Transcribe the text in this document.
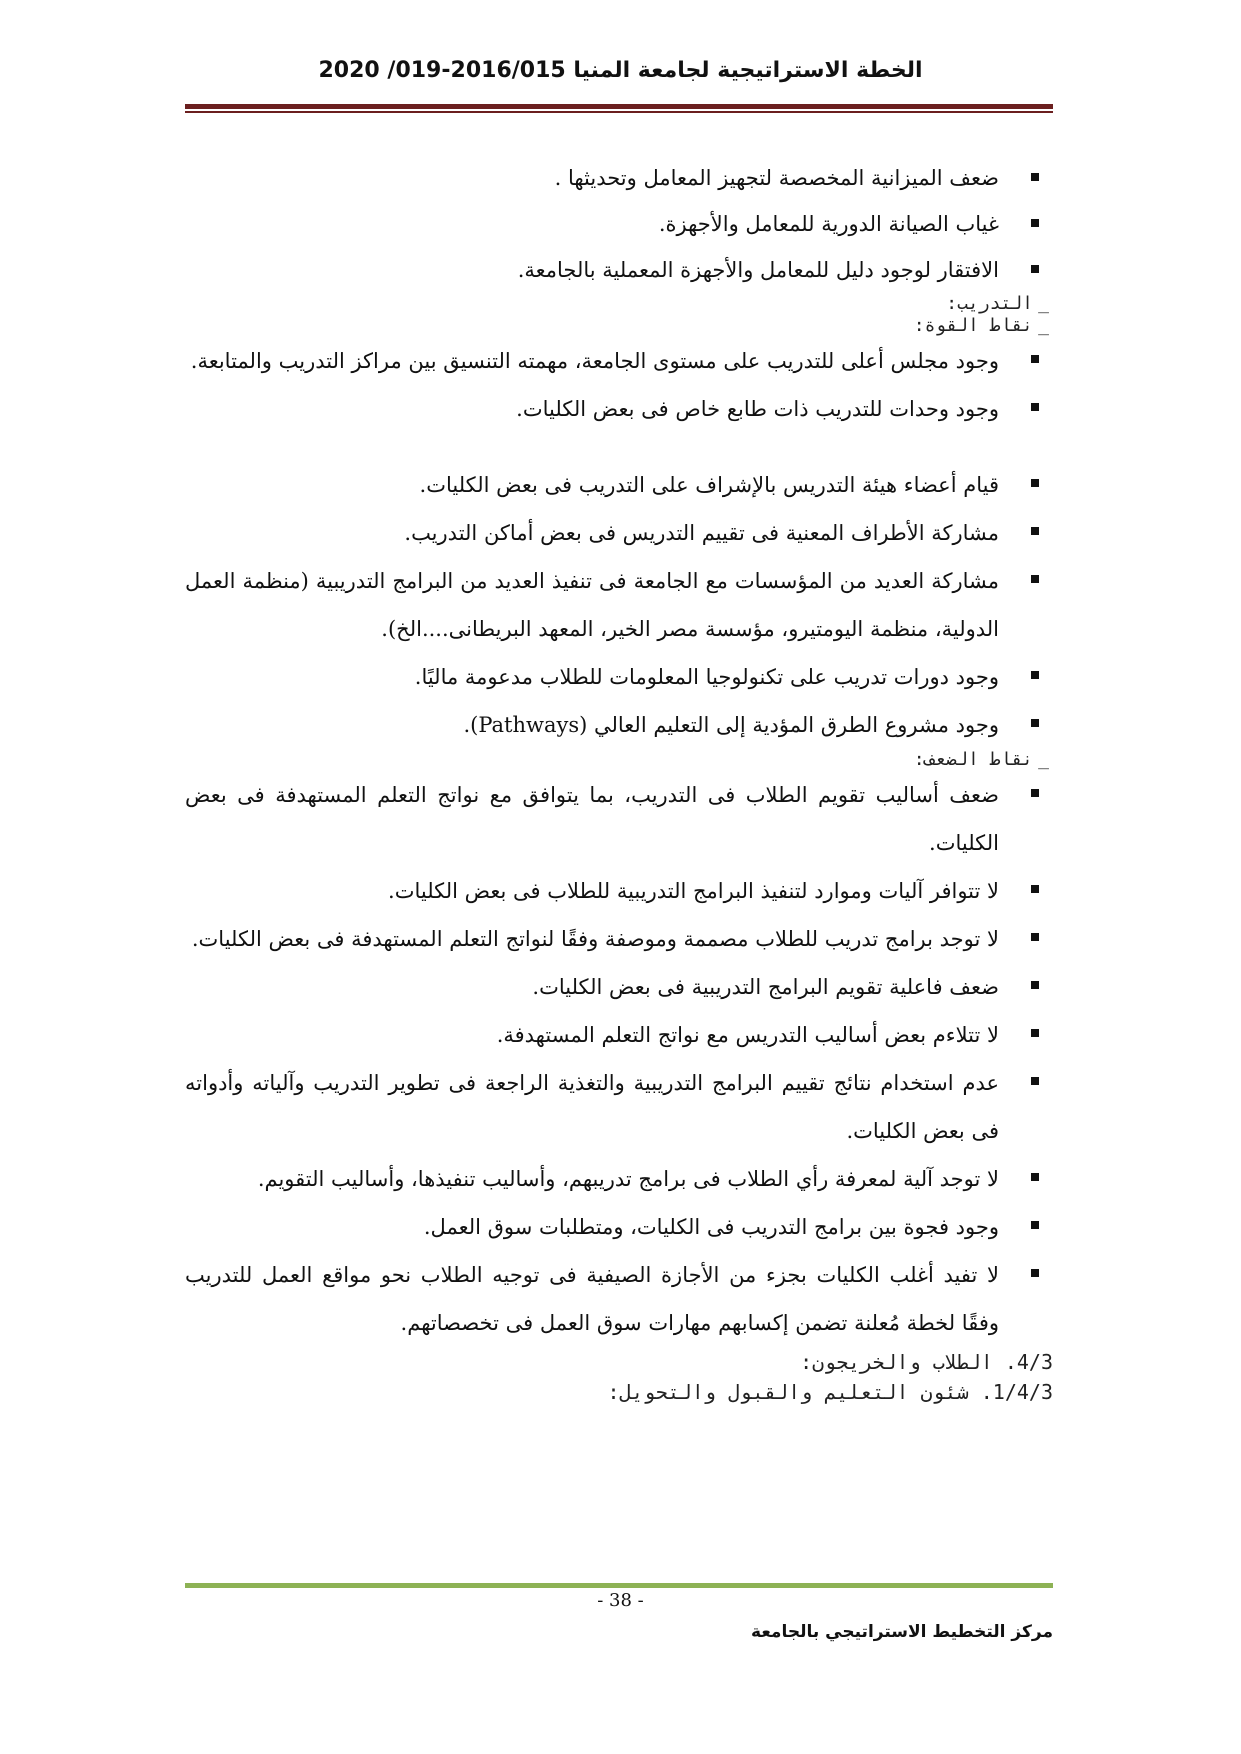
الخطة الاستراتيجية لجامعة المنيا 2016/015-019/ 2020
ضعف الميزانية المخصصة لتجهيز المعامل وتحديثها .
غياب الصيانة الدورية للمعامل والأجهزة.
الافتقار لوجود دليل للمعامل والأجهزة المعملية بالجامعة.
_
التدريب:
_
نقاط القوة:
وجود مجلس أعلى للتدريب على مستوى الجامعة، مهمته التنسيق بين مراكز التدريب والمتابعة.
وجود وحدات للتدريب ذات طابع خاص فى بعض الكليات.
قيام أعضاء هيئة التدريس بالإشراف على التدريب فى بعض الكليات.
مشاركة الأطراف المعنية فى تقييم التدريس فى بعض أماكن التدريب.
مشاركة العديد من المؤسسات مع الجامعة فى تنفيذ العديد من البرامج التدريبية (منظمة العمل الدولية، منظمة اليومتيرو، مؤسسة مصر الخير، المعهد البريطانى....الخ).
وجود دورات تدريب على تكنولوجيا المعلومات للطلاب مدعومة ماليًا.
وجود مشروع الطرق المؤدية إلى التعليم العالي (Pathways).
_
نقاط الضعف:
ضعف أساليب تقويم الطلاب فى التدريب، بما يتوافق مع نواتج التعلم المستهدفة فى بعض الكليات.
لا تتوافر آليات وموارد لتنفيذ البرامج التدريبية للطلاب فى بعض الكليات.
لا توجد برامج تدريب للطلاب مصممة وموصفة وفقًا لنواتج التعلم المستهدفة فى بعض الكليات.
ضعف فاعلية تقويم البرامج التدريبية فى بعض الكليات.
لا تتلاءم بعض أساليب التدريس مع نواتج التعلم المستهدفة.
عدم استخدام نتائج تقييم البرامج التدريبية والتغذية الراجعة فى تطوير التدريب وآلياته وأدواته فى بعض الكليات.
لا توجد آلية لمعرفة رأي الطلاب فى برامج تدريبهم، وأساليب تنفيذها، وأساليب التقويم.
وجود فجوة بين برامج التدريب فى الكليات، ومتطلبات سوق العمل.
لا تفيد أغلب الكليات بجزء من الأجازة الصيفية فى توجيه الطلاب نحو مواقع العمل للتدريب وفقًا لخطة مُعلنة تضمن إكسابهم مهارات سوق العمل فى تخصصاتهم.
4/3. الطلاب والخريجون:
1/4/3. شئون التعليم والقبول والتحويل:
- 38 -
مركز التخطيط الاستراتيجي بالجامعة
